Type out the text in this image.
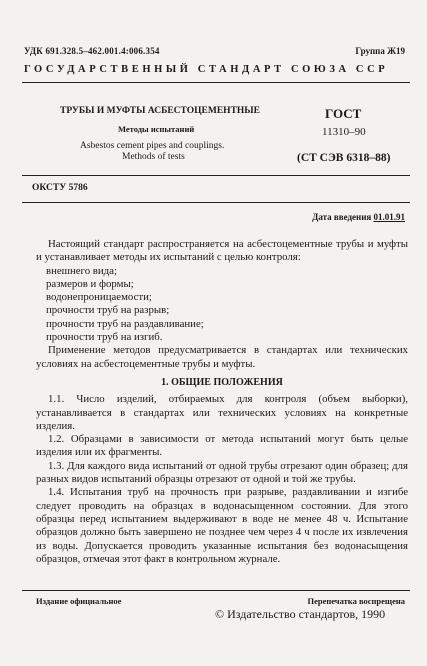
УДК 691.328.5–462.001.4:006.354	Группа Ж19
ГОСУДАРСТВЕННЫЙ СТАНДАРТ СОЮЗА ССР
ТРУБЫ И МУФТЫ АСБЕСТОЦЕМЕНТНЫЕ
Методы испытаний
Asbestos cement pipes and couplings.
Methods of tests
ГОСТ
11310–90
(СТ СЭВ 6318–88)
ОКСТУ 5786
Дата введения 01.01.91

Настоящий стандарт распространяется на асбестоцементные трубы и муфты и устанавливает методы их испытаний с целью контроля:

внешнего вида;

размеров и формы;

водонепроницаемости;

прочности труб на разрыв;

прочности труб на раздавливание;

прочности труб на изгиб.

Применение методов предусматривается в стандартах или технических условиях на асбестоцементные трубы и муфты.

1. ОБЩИЕ ПОЛОЖЕНИЯ

1.1. Число изделий, отбираемых для контроля (объем выборки), устанавливается в стандартах или технических условиях на конкретные изделия.

1.2. Образцами в зависимости от метода испытаний могут быть целые изделия или их фрагменты.

1.3. Для каждого вида испытаний от одной трубы отрезают один образец; для разных видов испытаний образцы отрезают от одной и той же трубы.

1.4. Испытания труб на прочность при разрыве, раздавливании и изгибе следует проводить на образцах в водонасыщенном состоянии. Для этого образцы перед испытанием выдерживают в воде не менее 48 ч. Испытание образцов должно быть завершено не позднее чем через 4 ч после их извлечения из воды. Допускается проводить указанные испытания без водонасыщения образцов, отмечая этот факт в контрольном журнале.

Издание официальное	Перепечатка воспрещена
© Издательство стандартов, 1990
